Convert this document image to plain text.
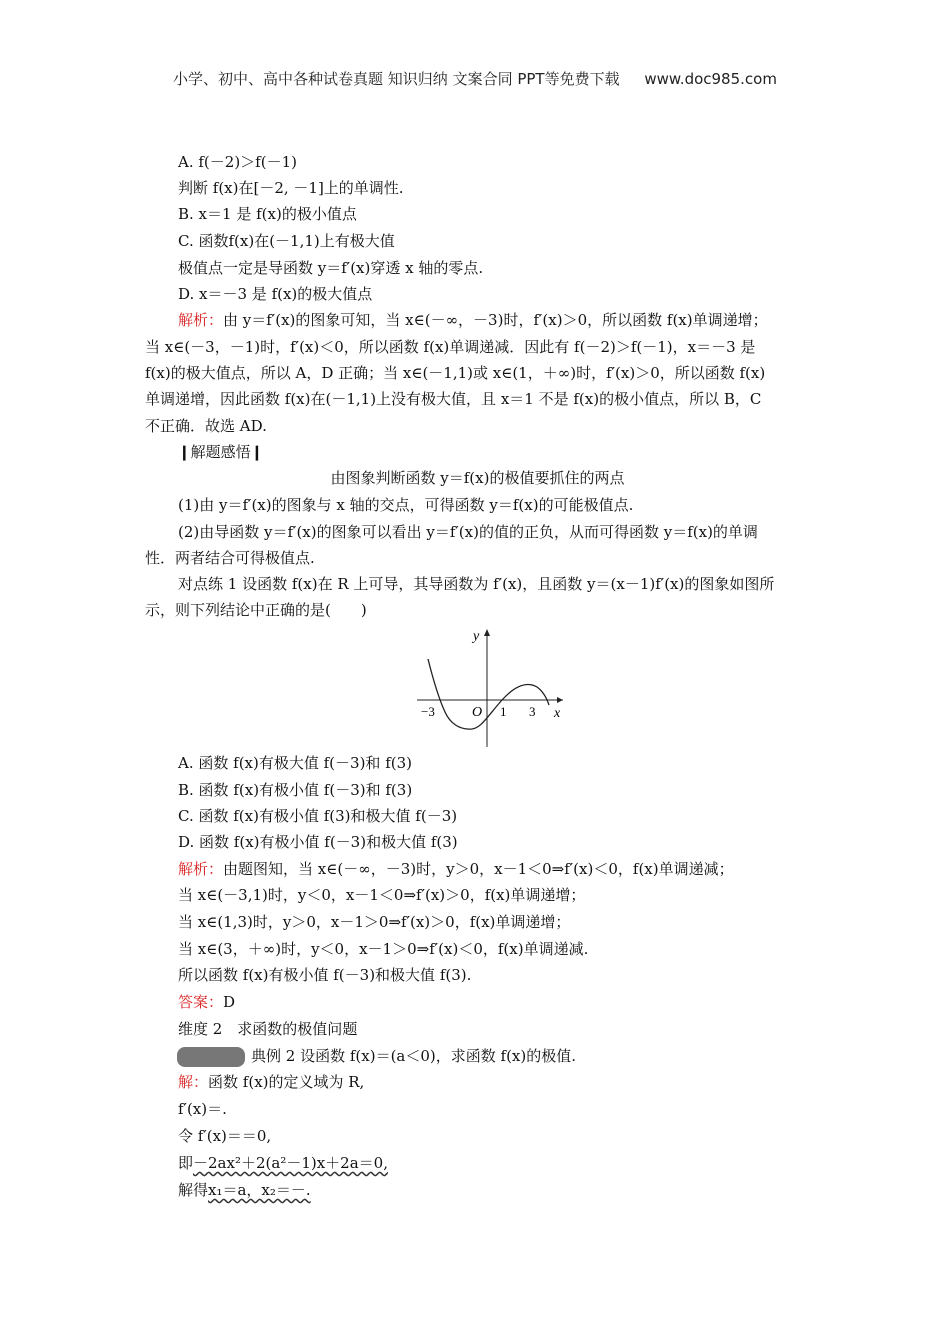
小学、初中、高中各种试卷真题 知识归纳 文案合同 PPT等免费下载 www.doc985.com
A. f(－2)＞f(－1)
判断 f(x)在[－2, －1]上的单调性.
B. x＝1 是 f(x)的极小值点
C. 函数f(x)在(－1,1)上有极大值
极值点一定是导函数 y＝f′(x)穿透 x 轴的零点.
D. x＝－3 是 f(x)的极大值点
解析：由 y＝f′(x)的图象可知，当 x∈(－∞，－3)时，f′(x)＞0，所以函数 f(x)单调递增；
当 x∈(－3，－1)时，f′(x)＜0，所以函数 f(x)单调递减．因此有 f(－2)＞f(－1)，x＝－3 是
f(x)的极大值点，所以 A，D 正确；当 x∈(－1,1)或 x∈(1，＋∞)时，f′(x)＞0，所以函数 f(x)
单调递增，因此函数 f(x)在(－1,1)上没有极大值，且 x＝1 不是 f(x)的极小值点，所以 B，C
不正确．故选 AD.
❙解题感悟❙
由图象判断函数 y＝f(x)的极值要抓住的两点
(1)由 y＝f′(x)的图象与 x 轴的交点，可得函数 y＝f(x)的可能极值点.
(2)由导函数 y＝f′(x)的图象可以看出 y＝f′(x)的值的正负，从而可得函数 y＝f(x)的单调
性．两者结合可得极值点.
对点练 1 设函数 f(x)在 R 上可导，其导函数为 f′(x)，且函数 y＝(x－1)f′(x)的图象如图所
示，则下列结论中正确的是(　　)
y
x
O
−3	1 3
A. 函数 f(x)有极大值 f(－3)和 f(3)
B. 函数 f(x)有极小值 f(－3)和 f(3)
C. 函数 f(x)有极小值 f(3)和极大值 f(－3)
D. 函数 f(x)有极小值 f(－3)和极大值 f(3)
解析：由题图知，当 x∈(－∞，－3)时，y＞0，x－1＜0⇒f′(x)＜0，f(x)单调递减；
当 x∈(－3,1)时，y＜0，x－1＜0⇒f′(x)＞0，f(x)单调递增；
当 x∈(1,3)时，y＞0，x－1＞0⇒f′(x)＞0，f(x)单调递增；
当 x∈(3，＋∞)时，y＜0，x－1＞0⇒f′(x)＜0，f(x)单调递减.
所以函数 f(x)有极小值 f(－3)和极大值 f(3).
答案：D
维度 2　求函数的极值问题
典例 2 设函数 f(x)＝(a＜0)，求函数 f(x)的极值.
解：函数 f(x)的定义域为 R,
f′(x)＝.
令 f′(x)＝＝0,
即－2ax²＋2(a²－1)x＋2a＝0,
解得x₁＝a，x₂＝－.
